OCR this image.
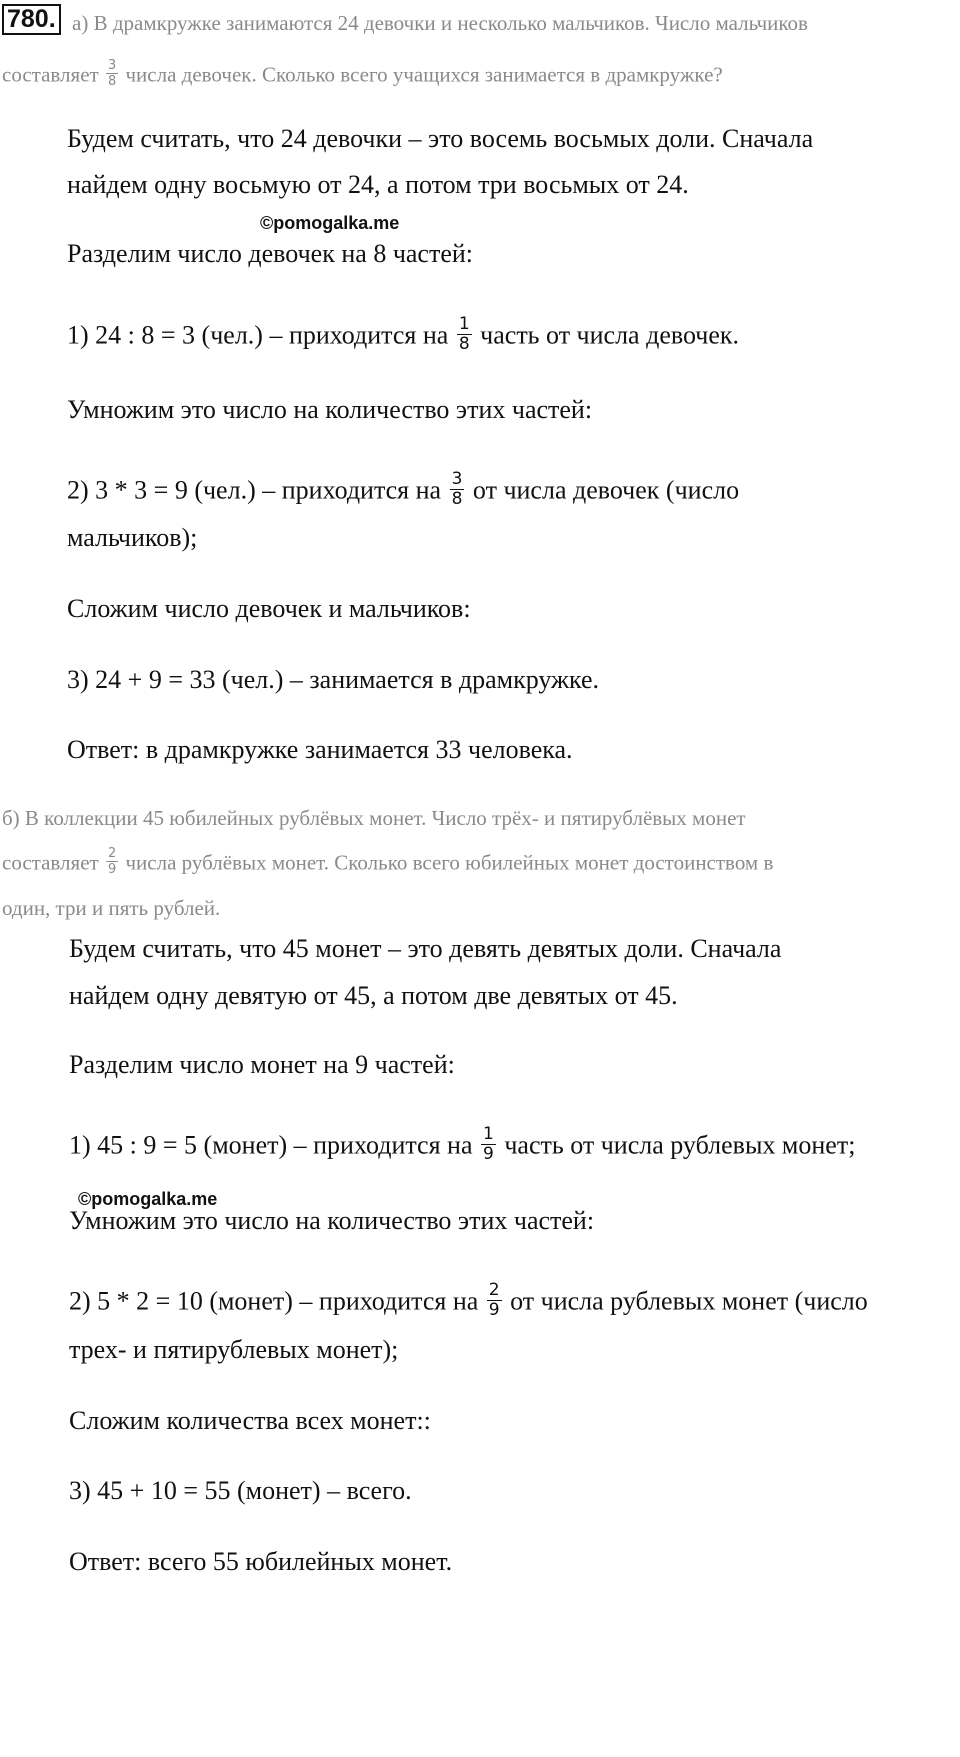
780. а) В драмкружке занимаются 24 девочки и несколько мальчиков. Число мальчиков
составляет $\frac{3}{8}$ числа девочек. Сколько всего учащихся занимается в драмкружке?
Будем считать, что 24 девочки – это восемь восьмых доли. Сначала
найдем одну восьмую от 24, а потом три восьмых от 24.
©pomogalka.me
Разделим число девочек на 8 частей:
1) 24 : 8 = 3 (чел.) – приходится на $\frac{1}{8}$ часть от числа девочек.
Умножим это число на количество этих частей:
2) 3 * 3 = 9 (чел.) – приходится на $\frac{3}{8}$ от числа девочек (число
мальчиков);
Сложим число девочек и мальчиков:
3) 24 + 9 = 33 (чел.) – занимается в драмкружке.
Ответ: в драмкружке занимается 33 человека.
б) В коллекции 45 юбилейных рублёвых монет. Число трёх- и пятирублёвых монет
составляет $\frac{2}{9}$ числа рублёвых монет. Сколько всего юбилейных монет достоинством в
один, три и пять рублей.
Будем считать, что 45 монет – это девять девятых доли. Сначала
найдем одну девятую от 45, а потом две девятых от 45.
Разделим число монет на 9 частей:
1) 45 : 9 = 5 (монет) – приходится на $\frac{1}{9}$ часть от числа рублевых монет;
©pomogalka.me
Умножим это число на количество этих частей:
2) 5 * 2 = 10 (монет) – приходится на $\frac{2}{9}$ от числа рублевых монет (число
трех- и пятирублевых монет);
Сложим количества всех монет::
3) 45 + 10 = 55 (монет) – всего.
Ответ: всего 55 юбилейных монет.
